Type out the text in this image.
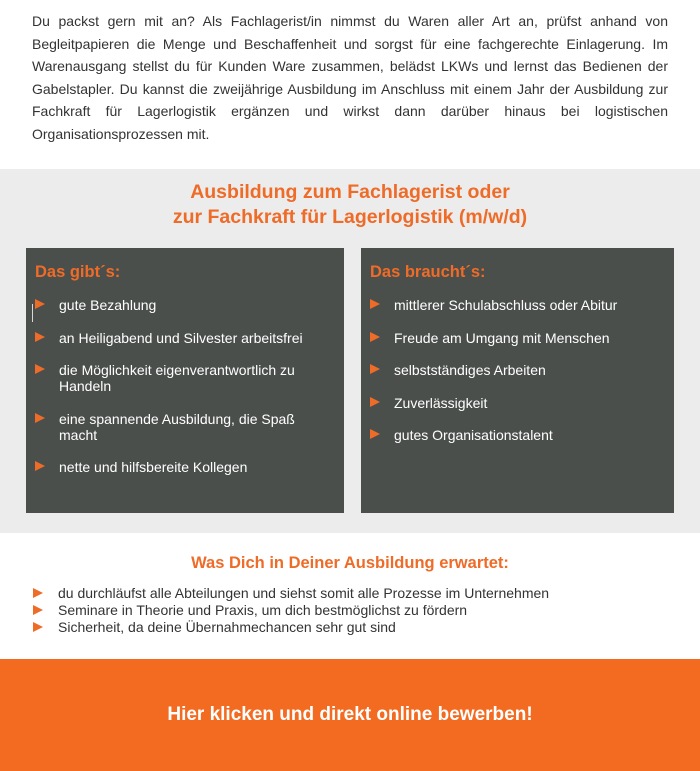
Du packst gern mit an? Als Fachlagerist/in nimmst du Waren aller Art an, prüfst anhand von Begleitpapieren die Menge und Beschaffenheit und sorgst für eine fachgerechte Einlagerung. Im Warenausgang stellst du für Kunden Ware zusammen, belädst LKWs und lernst das Bedienen der Gabelstapler. Du kannst die zweijährige Ausbildung im Anschluss mit einem Jahr der Ausbildung zur Fachkraft für Lagerlogistik ergänzen und wirkst dann darüber hinaus bei logistischen Organisationsprozessen mit.

Ausbildung zum Fachlagerist oder
zur Fachkraft für Lagerlogistik (m/w/d)
Das gibt´s:
gute Bezahlung
an Heiligabend und Silvester arbeitsfrei
die Möglichkeit eigenverantwortlich zu Handeln
eine spannende Ausbildung, die Spaß macht
nette und hilfsbereite Kollegen
Das braucht´s:
mittlerer Schulabschluss oder Abitur
Freude am Umgang mit Menschen
selbstständiges Arbeiten
Zuverlässigkeit
gutes Organisationstalent
Was Dich in Deiner Ausbildung erwartet:
du durchläufst alle Abteilungen und siehst somit alle Prozesse im Unternehmen
Seminare in Theorie und Praxis, um dich bestmöglichst zu fördern
Sicherheit, da deine Übernahmechancen sehr gut sind
Hier klicken und direkt online bewerben!
